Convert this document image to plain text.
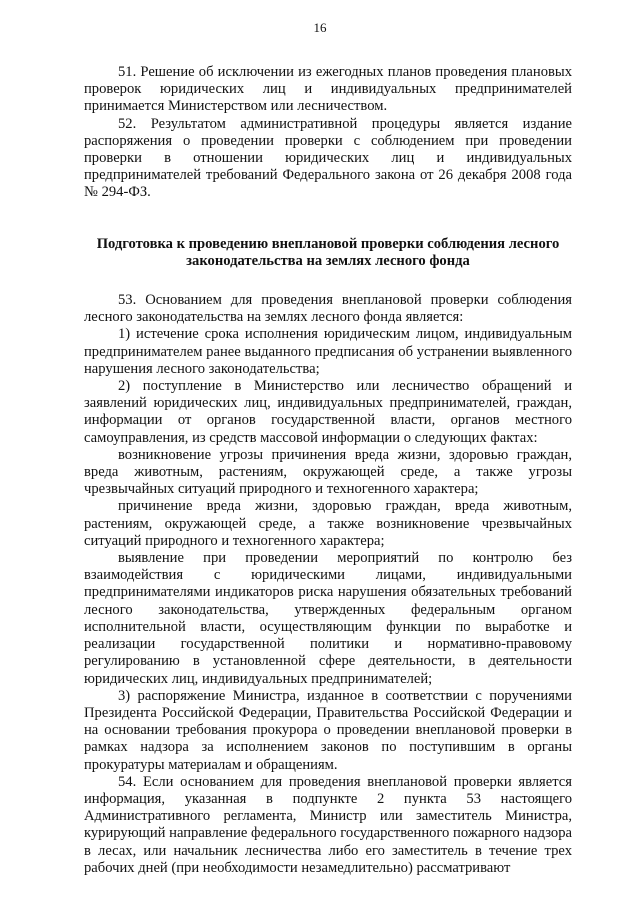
16

51. Решение об исключении из ежегодных планов проведения плановых проверок юридических лиц и индивидуальных предпринимателей принимается Министерством или лесничеством.

52. Результатом административной процедуры является издание распоряжения о проведении проверки с соблюдением при проведении проверки в отношении юридических лиц и индивидуальных предпринимателей требований Федерального закона от 26 декабря 2008 года № 294-ФЗ.

Подготовка к проведению внеплановой проверки соблюдения лесного законодательства на землях лесного фонда

53. Основанием для проведения внеплановой проверки соблюдения лесного законодательства на землях лесного фонда является:

1) истечение срока исполнения юридическим лицом, индивидуальным предпринимателем ранее выданного предписания об устранении выявленного нарушения лесного законодательства;

2) поступление в Министерство или лесничество обращений и заявлений юридических лиц, индивидуальных предпринимателей, граждан, информации от органов государственной власти, органов местного самоуправления, из средств массовой информации о следующих фактах:

возникновение угрозы причинения вреда жизни, здоровью граждан, вреда животным, растениям, окружающей среде, а также угрозы чрезвычайных ситуаций природного и техногенного характера;

причинение вреда жизни, здоровью граждан, вреда животным, растениям, окружающей среде, а также возникновение чрезвычайных ситуаций природного и техногенного характера;

выявление при проведении мероприятий по контролю без взаимодействия с юридическими лицами, индивидуальными предпринимателями индикаторов риска нарушения обязательных требований лесного законодательства, утвержденных федеральным органом исполнительной власти, осуществляющим функции по выработке и реализации государственной политики и нормативно-правовому регулированию в установленной сфере деятельности, в деятельности юридических лиц, индивидуальных предпринимателей;

3) распоряжение Министра, изданное в соответствии с поручениями Президента Российской Федерации, Правительства Российской Федерации и на основании требования прокурора о проведении внеплановой проверки в рамках надзора за исполнением законов по поступившим в органы прокуратуры материалам и обращениям.

54. Если основанием для проведения внеплановой проверки является информация, указанная в подпункте 2 пункта 53 настоящего Административного регламента, Министр или заместитель Министра, курирующий направление федерального государственного пожарного надзора в лесах, или начальник лесничества либо его заместитель в течение трех рабочих дней (при необходимости незамедлительно) рассматривают
